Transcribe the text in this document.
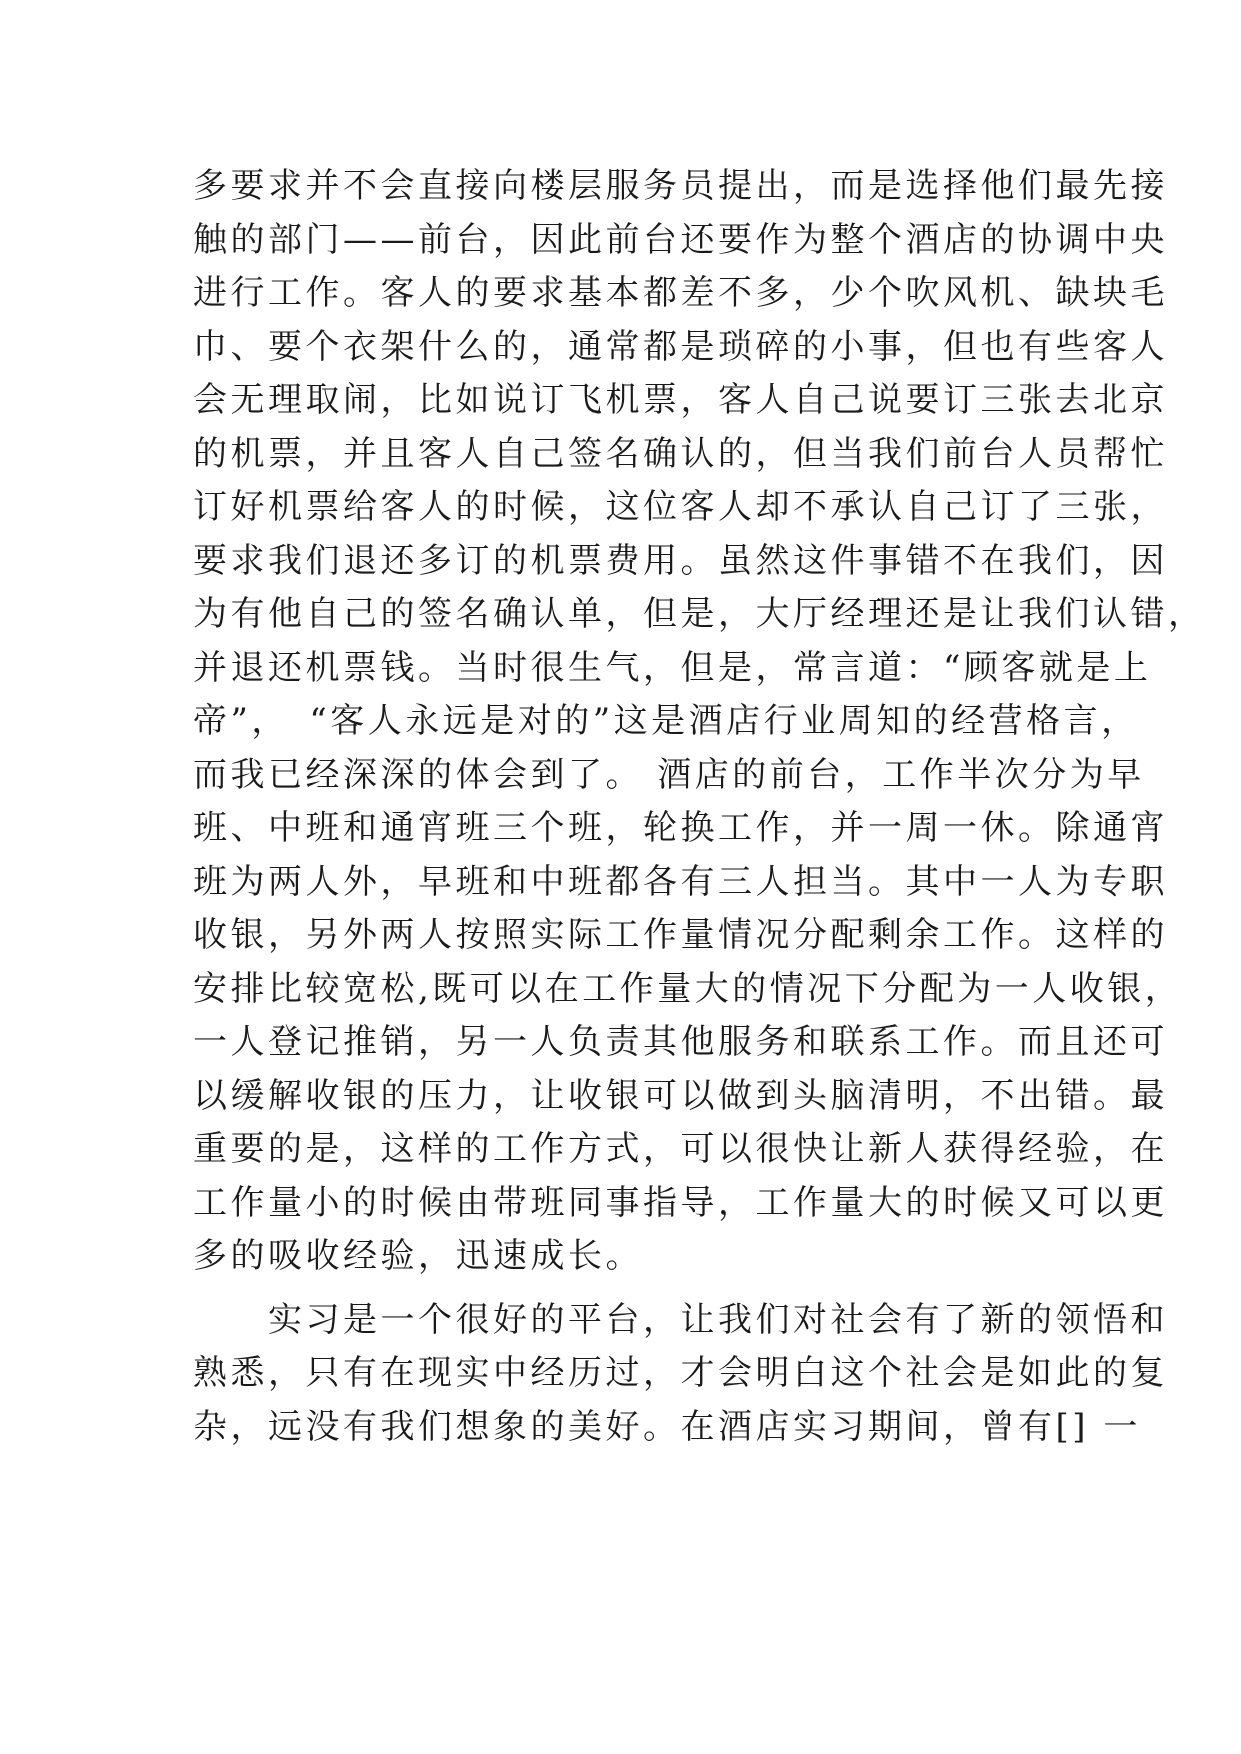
多要求并不会直接向楼层服务员提出，而是选择他们最先接
触的部门——前台，因此前台还要作为整个酒店的协调中央
进行工作。客人的要求基本都差不多，少个吹风机、缺块毛
巾、要个衣架什么的，通常都是琐碎的小事，但也有些客人
会无理取闹，比如说订飞机票，客人自己说要订三张去北京
的机票，并且客人自己签名确认的，但当我们前台人员帮忙
订好机票给客人的时候，这位客人却不承认自己订了三张，
要求我们退还多订的机票费用。虽然这件事错不在我们，因
为有他自己的签名确认单，但是，大厅经理还是让我们认错，
并退还机票钱。当时很生气，但是，常言道：“顾客就是上
帝”，　“客人永远是对的”这是酒店行业周知的经营格言，
而我已经深深的体会到了。 酒店的前台，工作半次分为早
班、中班和通宵班三个班，轮换工作，并一周一休。除通宵
班为两人外，早班和中班都各有三人担当。其中一人为专职
收银，另外两人按照实际工作量情况分配剩余工作。这样的
安排比较宽松,既可以在工作量大的情况下分配为一人收银，
一人登记推销，另一人负责其他服务和联系工作。而且还可
以缓解收银的压力，让收银可以做到头脑清明，不出错。最
重要的是，这样的工作方式，可以很快让新人获得经验，在
工作量小的时候由带班同事指导，工作量大的时候又可以更
多的吸收经验，迅速成长。
　　实习是一个很好的平台，让我们对社会有了新的领悟和
熟悉，只有在现实中经历过，才会明白这个社会是如此的复
杂，远没有我们想象的美好。在酒店实习期间，曾有[] 一
